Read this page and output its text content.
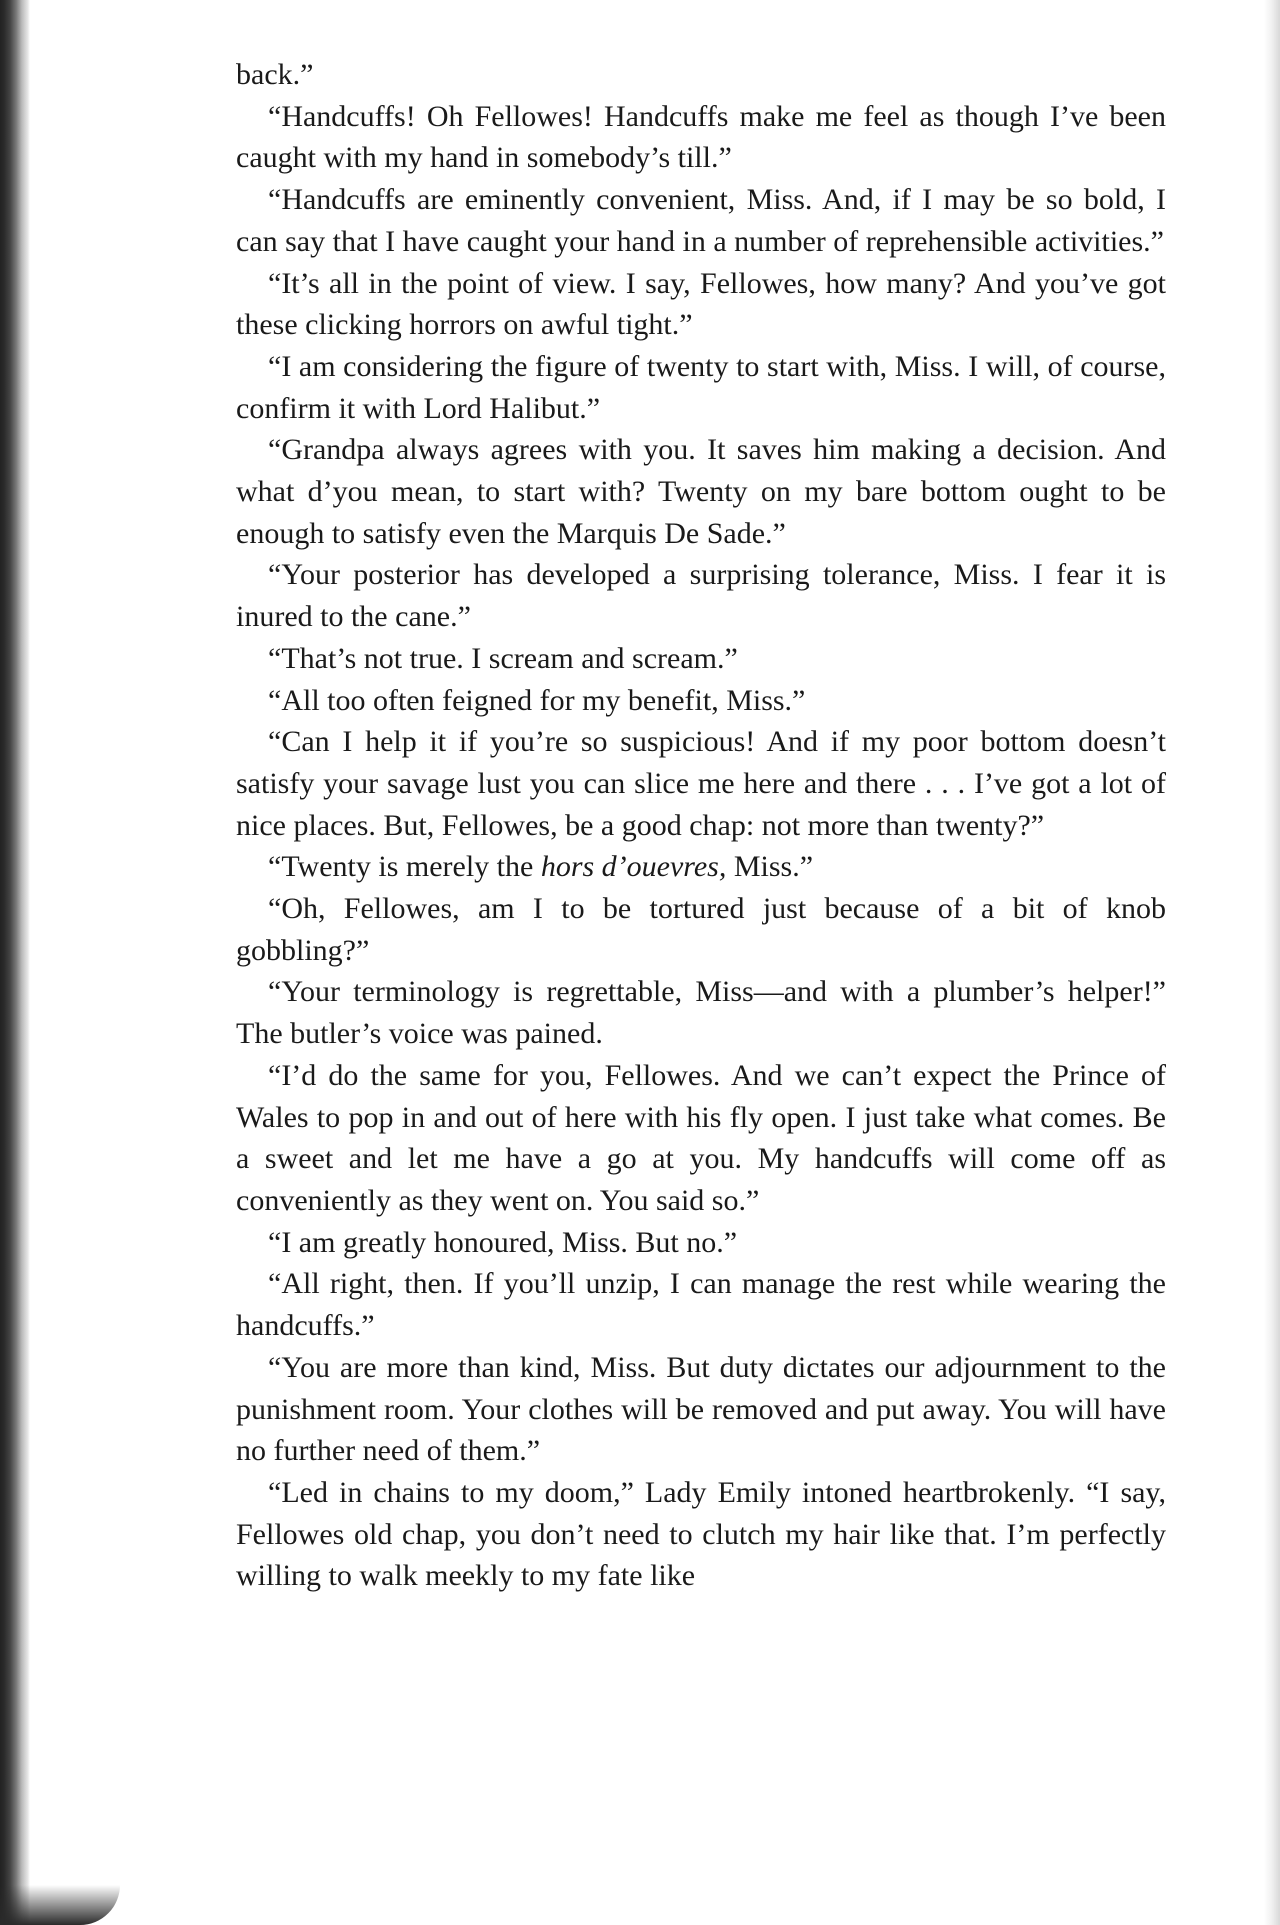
back.”

“Handcuffs! Oh Fellowes! Handcuffs make me feel as though I’ve been caught with my hand in somebody’s till.”

“Handcuffs are eminently convenient, Miss. And, if I may be so bold, I can say that I have caught your hand in a number of reprehensible activities.”

“It’s all in the point of view. I say, Fellowes, how many? And you’ve got these clicking horrors on awful tight.”

“I am considering the figure of twenty to start with, Miss. I will, of course, confirm it with Lord Halibut.”

“Grandpa always agrees with you. It saves him making a decision. And what d’you mean, to start with? Twenty on my bare bottom ought to be enough to satisfy even the Marquis De Sade.”

“Your posterior has developed a surprising tolerance, Miss. I fear it is inured to the cane.”

“That’s not true. I scream and scream.”

“All too often feigned for my benefit, Miss.”

“Can I help it if you’re so suspicious! And if my poor bottom doesn’t satisfy your savage lust you can slice me here and there . . . I’ve got a lot of nice places. But, Fellowes, be a good chap: not more than twenty?”

“Twenty is merely the hors d’ouevres, Miss.”

“Oh, Fellowes, am I to be tortured just because of a bit of knob gobbling?”

“Your terminology is regrettable, Miss—and with a plumber’s helper!” The butler’s voice was pained.

“I’d do the same for you, Fellowes. And we can’t expect the Prince of Wales to pop in and out of here with his fly open. I just take what comes. Be a sweet and let me have a go at you. My handcuffs will come off as conveniently as they went on. You said so.”

“I am greatly honoured, Miss. But no.”

“All right, then. If you’ll unzip, I can manage the rest while wearing the handcuffs.”

“You are more than kind, Miss. But duty dictates our adjournment to the punishment room. Your clothes will be removed and put away. You will have no further need of them.”

“Led in chains to my doom,” Lady Emily intoned heartbrokenly. “I say, Fellowes old chap, you don’t need to clutch my hair like that. I’m perfectly willing to walk meekly to my fate like
